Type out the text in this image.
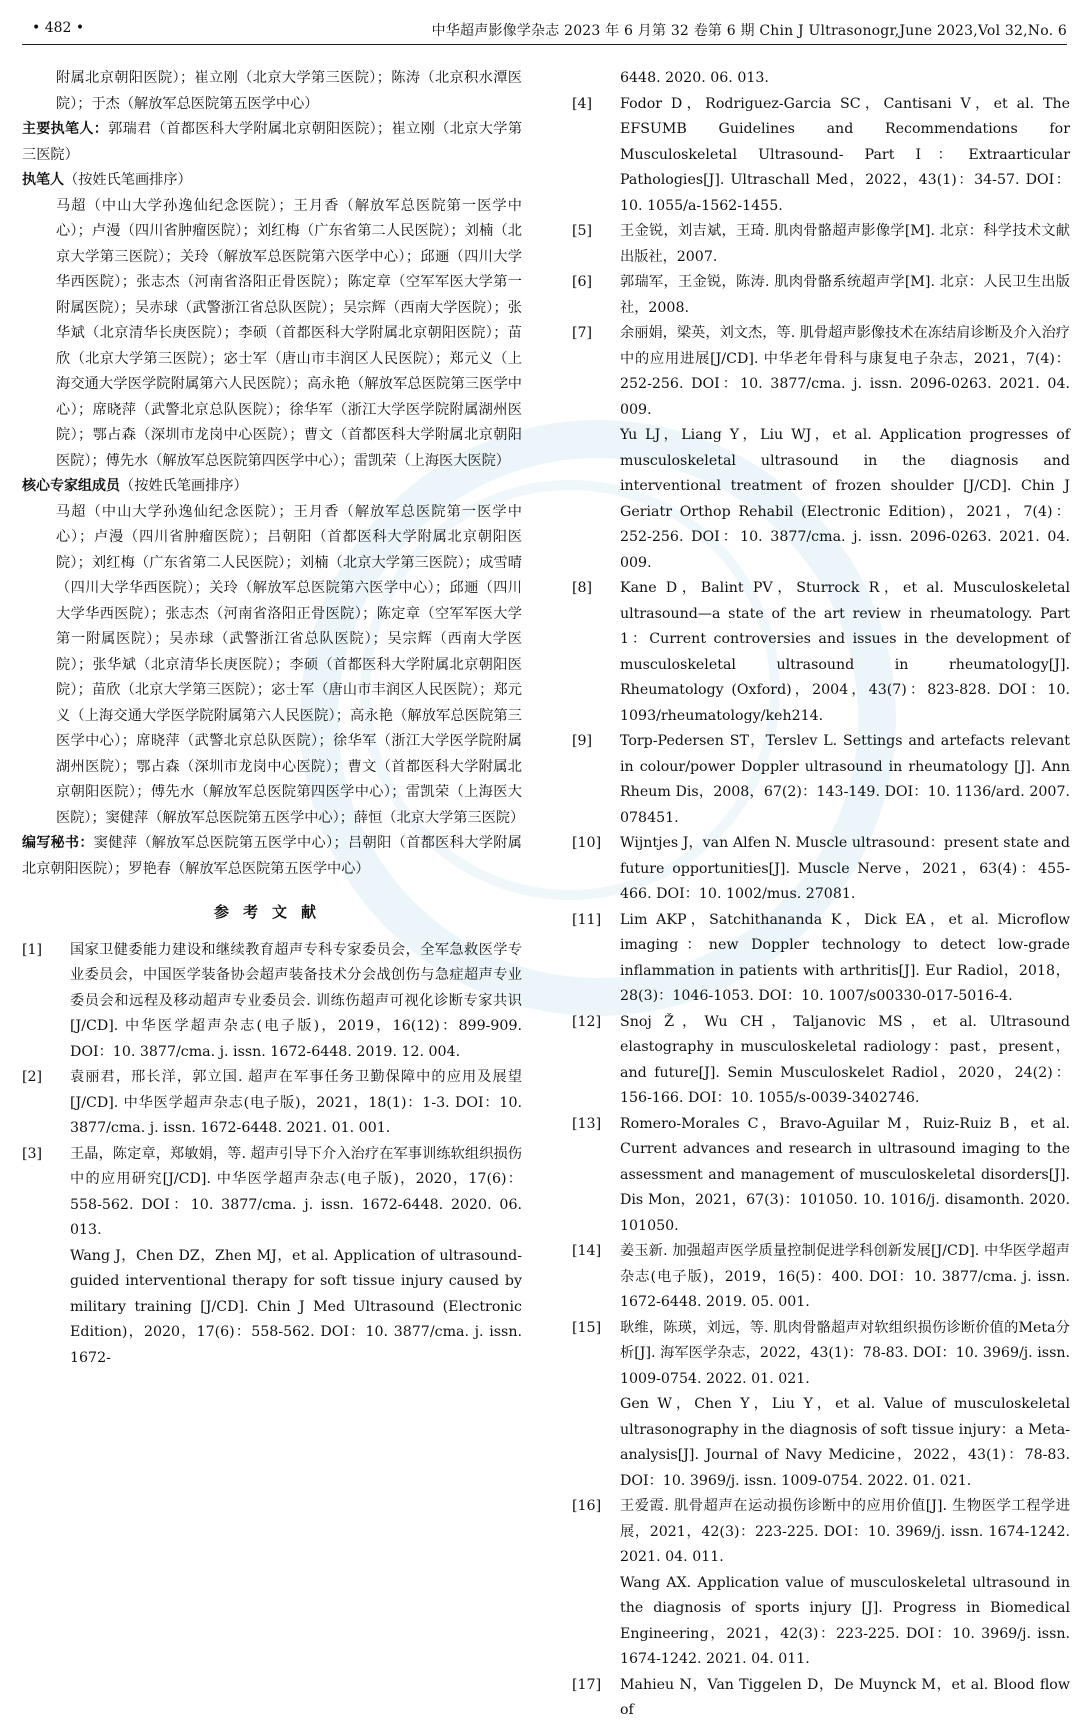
• 482 •	中华超声影像学杂志 2023 年 6 月第 32 卷第 6 期 Chin J Ultrasonogr,June 2023,Vol 32,No. 6
附属北京朝阳医院）；崔立刚（北京大学第三医院）；陈涛（北京积水潭医院）；于杰（解放军总医院第五医学中心）
主要执笔人：郭瑞君（首都医科大学附属北京朝阳医院）；崔立刚（北京大学第三医院）
执笔人（按姓氏笔画排序）
马超（中山大学孙逸仙纪念医院）；王月香（解放军总医院第一医学中心）；卢漫（四川省肿瘤医院）；刘红梅（广东省第二人民医院）；刘楠（北京大学第三医院）；关玲（解放军总医院第六医学中心）；邱逦（四川大学华西医院）；张志杰（河南省洛阳正骨医院）；陈定章（空军军医大学第一附属医院）；吴赤球（武警浙江省总队医院）；吴宗辉（西南大学医院）；张华斌（北京清华长庚医院）；李硕（首都医科大学附属北京朝阳医院）；苗欣（北京大学第三医院）；宓士军（唐山市丰润区人民医院）；郑元义（上海交通大学医学院附属第六人民医院）；高永艳（解放军总医院第三医学中心）；席晓萍（武警北京总队医院）；徐华军（浙江大学医学院附属湖州医院）；鄂占森（深圳市龙岗中心医院）；曹文（首都医科大学附属北京朝阳医院）；傅先水（解放军总医院第四医学中心）；雷凯荣（上海医大医院）
核心专家组成员（按姓氏笔画排序）
马超（中山大学孙逸仙纪念医院）；王月香（解放军总医院第一医学中心）；卢漫（四川省肿瘤医院）；吕朝阳（首都医科大学附属北京朝阳医院）；刘红梅（广东省第二人民医院）；刘楠（北京大学第三医院）；成雪晴（四川大学华西医院）；关玲（解放军总医院第六医学中心）；邱逦（四川大学华西医院）；张志杰（河南省洛阳正骨医院）；陈定章（空军军医大学第一附属医院）；吴赤球（武警浙江省总队医院）；吴宗辉（西南大学医院）；张华斌（北京清华长庚医院）；李硕（首都医科大学附属北京朝阳医院）；苗欣（北京大学第三医院）；宓士军（唐山市丰润区人民医院）；郑元义（上海交通大学医学院附属第六人民医院）；高永艳（解放军总医院第三医学中心）；席晓萍（武警北京总队医院）；徐华军（浙江大学医学院附属湖州医院）；鄂占森（深圳市龙岗中心医院）；曹文（首都医科大学附属北京朝阳医院）；傅先水（解放军总医院第四医学中心）；雷凯荣（上海医大医院）；窦健萍（解放军总医院第五医学中心）；薛恒（北京大学第三医院）
编写秘书：窦健萍（解放军总医院第五医学中心）；吕朝阳（首都医科大学附属北京朝阳医院）；罗艳春（解放军总医院第五医学中心）
参考文献
[1]	国家卫健委能力建设和继续教育超声专科专家委员会，全军急救医学专业委员会，中国医学装备协会超声装备技术分会战创伤与急症超声专业委员会和远程及移动超声专业委员会. 训练伤超声可视化诊断专家共识[J/CD]. 中华医学超声杂志(电子版)，2019，16(12)：899-909. DOI：10. 3877/cma. j. issn. 1672-6448. 2019. 12. 004.
[2]	袁丽君，邢长洋，郭立国. 超声在军事任务卫勤保障中的应用及展望[J/CD]. 中华医学超声杂志(电子版)，2021，18(1)：1-3. DOI：10. 3877/cma. j. issn. 1672-6448. 2021. 01. 001.
[3]	王晶，陈定章，郑敏娟，等. 超声引导下介入治疗在军事训练软组织损伤中的应用研究[J/CD]. 中华医学超声杂志(电子版)，2020，17(6)：558-562. DOI：10. 3877/cma. j. issn. 1672-6448. 2020. 06. 013.
Wang J，Chen DZ，Zhen MJ，et al. Application of ultrasound-guided interventional therapy for soft tissue injury caused by military training [J/CD]. Chin J Med Ultrasound (Electronic Edition)，2020，17(6)：558-562. DOI：10. 3877/cma. j. issn. 1672-
6448. 2020. 06. 013.
[4]	Fodor D，Rodriguez-Garcia SC，Cantisani V，et al. The EFSUMB Guidelines and Recommendations for Musculoskeletal Ultrasound- Part Ⅰ：Extraarticular Pathologies[J]. Ultraschall Med，2022，43(1)：34-57. DOI：10. 1055/a-1562-1455.
[5]	王金锐，刘吉斌，王琦. 肌肉骨骼超声影像学[M]. 北京：科学技术文献出版社，2007.
[6]	郭瑞军，王金锐，陈涛. 肌肉骨骼系统超声学[M]. 北京：人民卫生出版社，2008.
[7]	余丽娟，梁英，刘文杰，等. 肌骨超声影像技术在冻结肩诊断及介入治疗中的应用进展[J/CD]. 中华老年骨科与康复电子杂志，2021，7(4)：252-256. DOI：10. 3877/cma. j. issn. 2096-0263. 2021. 04. 009.
Yu LJ，Liang Y，Liu WJ，et al. Application progresses of musculoskeletal ultrasound in the diagnosis and interventional treatment of frozen shoulder [J/CD]. Chin J Geriatr Orthop Rehabil (Electronic Edition)，2021，7(4)：252-256. DOI：10. 3877/cma. j. issn. 2096-0263. 2021. 04. 009.
[8]	Kane D，Balint PV，Sturrock R，et al. Musculoskeletal ultrasound—a state of the art review in rheumatology. Part 1：Current controversies and issues in the development of musculoskeletal ultrasound in rheumatology[J]. Rheumatology (Oxford)，2004，43(7)：823-828. DOI：10. 1093/rheumatology/keh214.
[9]	Torp-Pedersen ST，Terslev L. Settings and artefacts relevant in colour/power Doppler ultrasound in rheumatology [J]. Ann Rheum Dis，2008，67(2)：143-149. DOI：10. 1136/ard. 2007. 078451.
[10]	Wijntjes J，van Alfen N. Muscle ultrasound：present state and future opportunities[J]. Muscle Nerve，2021，63(4)：455-466. DOI：10. 1002/mus. 27081.
[11]	Lim AKP，Satchithananda K，Dick EA，et al. Microflow imaging：new Doppler technology to detect low-grade inflammation in patients with arthritis[J]. Eur Radiol，2018，28(3)：1046-1053. DOI：10. 1007/s00330-017-5016-4.
[12]	Snoj Ž，Wu CH，Taljanovic MS，et al. Ultrasound elastography in musculoskeletal radiology：past，present，and future[J]. Semin Musculoskelet Radiol，2020，24(2)：156-166. DOI：10. 1055/s-0039-3402746.
[13]	Romero-Morales C，Bravo-Aguilar M，Ruiz-Ruiz B，et al. Current advances and research in ultrasound imaging to the assessment and management of musculoskeletal disorders[J]. Dis Mon，2021，67(3)：101050. 10. 1016/j. disamonth. 2020. 101050.
[14]	姜玉新. 加强超声医学质量控制促进学科创新发展[J/CD]. 中华医学超声杂志(电子版)，2019，16(5)：400. DOI：10. 3877/cma. j. issn. 1672-6448. 2019. 05. 001.
[15]	耿维，陈瑛，刘远，等. 肌肉骨骼超声对软组织损伤诊断价值的Meta分析[J]. 海军医学杂志，2022，43(1)：78-83. DOI：10. 3969/j. issn. 1009-0754. 2022. 01. 021.
Gen W，Chen Y，Liu Y，et al. Value of musculoskeletal ultrasonography in the diagnosis of soft tissue injury：a Meta-analysis[J]. Journal of Navy Medicine，2022，43(1)：78-83. DOI：10. 3969/j. issn. 1009-0754. 2022. 01. 021.
[16]	王爱霞. 肌骨超声在运动损伤诊断中的应用价值[J]. 生物医学工程学进展，2021，42(3)：223-225. DOI：10. 3969/j. issn. 1674-1242. 2021. 04. 011.
Wang AX. Application value of musculoskeletal ultrasound in the diagnosis of sports injury [J]. Progress in Biomedical Engineering，2021，42(3)：223-225. DOI：10. 3969/j. issn. 1674-1242. 2021. 04. 011.
[17]	Mahieu N，Van Tiggelen D，De Muynck M，et al. Blood flow of
